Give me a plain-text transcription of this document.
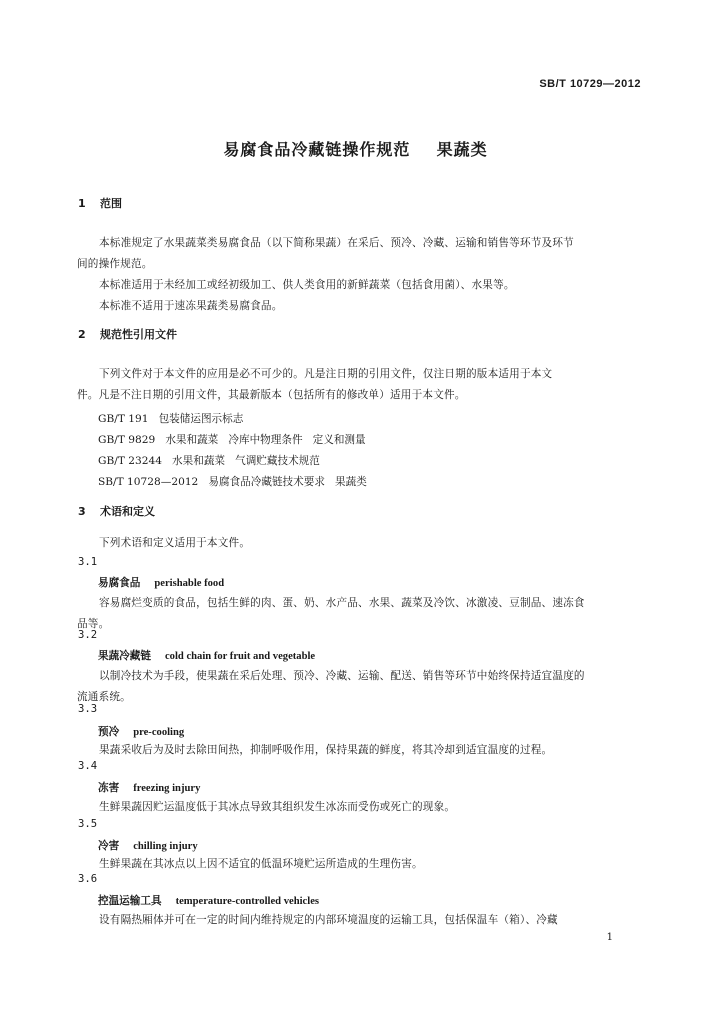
SB/T 10729—2012
易腐食品冷藏链操作规范    果蔬类
1 范围
本标准规定了水果蔬菜类易腐食品（以下简称果蔬）在采后、预冷、冷藏、运输和销售等环节及环节
间的操作规范。
本标准适用于未经加工或经初级加工、供人类食用的新鲜蔬菜（包括食用菌）、水果等。
本标准不适用于速冻果蔬类易腐食品。
2 规范性引用文件
下列文件对于本文件的应用是必不可少的。凡是注日期的引用文件，仅注日期的版本适用于本文
件。凡是不注日期的引用文件，其最新版本（包括所有的修改单）适用于本文件。
GB/T 191   包装储运图示标志
GB/T 9829   水果和蔬菜   冷库中物理条件   定义和测量
GB/T 23244   水果和蔬菜   气调贮藏技术规范
SB/T 10728—2012   易腐食品冷藏链技术要求   果蔬类
3 术语和定义
下列术语和定义适用于本文件。
3.1
易腐食品 perishable food
容易腐烂变质的食品，包括生鲜的肉、蛋、奶、水产品、水果、蔬菜及冷饮、冰激凌、豆制品、速冻食
品等。
3.2
果蔬冷藏链 cold chain for fruit and vegetable
以制冷技术为手段，使果蔬在采后处理、预冷、冷藏、运输、配送、销售等环节中始终保持适宜温度的
流通系统。
3.3
预冷 pre-cooling
果蔬采收后为及时去除田间热，抑制呼吸作用，保持果蔬的鲜度，将其冷却到适宜温度的过程。
3.4
冻害 freezing injury
生鲜果蔬因贮运温度低于其冰点导致其组织发生冰冻而受伤或死亡的现象。
3.5
冷害 chilling injury
生鲜果蔬在其冰点以上因不适宜的低温环境贮运所造成的生理伤害。
3.6
控温运输工具 temperature-controlled vehicles
设有隔热厢体并可在一定的时间内维持规定的内部环境温度的运输工具，包括保温车（箱）、冷藏
1
